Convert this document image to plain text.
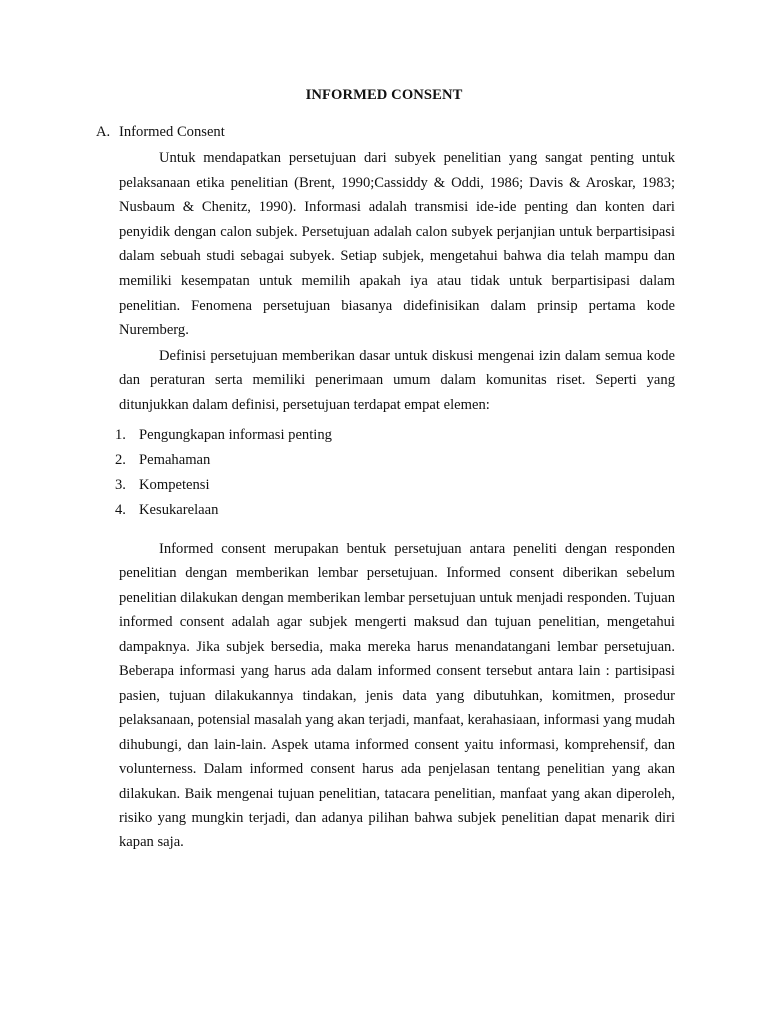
INFORMED CONSENT
A. Informed Consent

Untuk mendapatkan persetujuan dari subyek penelitian yang sangat penting untuk pelaksanaan etika penelitian (Brent, 1990;Cassiddy & Oddi, 1986; Davis & Aroskar, 1983; Nusbaum & Chenitz, 1990). Informasi adalah transmisi ide-ide penting dan konten dari penyidik dengan calon subjek. Persetujuan adalah calon subyek perjanjian untuk berpartisipasi dalam sebuah studi sebagai subyek. Setiap subjek, mengetahui bahwa dia telah mampu dan memiliki kesempatan untuk memilih apakah iya atau tidak untuk berpartisipasi dalam penelitian. Fenomena persetujuan biasanya didefinisikan dalam prinsip pertama kode Nuremberg.

Definisi persetujuan memberikan dasar untuk diskusi mengenai izin dalam semua kode dan peraturan serta memiliki penerimaan umum dalam komunitas riset. Seperti yang ditunjukkan dalam definisi, persetujuan terdapat empat elemen:

1. Pengungkapan informasi penting
2. Pemahaman
3. Kompetensi
4. Kesukarelaan

Informed consent merupakan bentuk persetujuan antara peneliti dengan responden penelitian dengan memberikan lembar persetujuan. Informed consent diberikan sebelum penelitian dilakukan dengan memberikan lembar persetujuan untuk menjadi responden. Tujuan informed consent adalah agar subjek mengerti maksud dan tujuan penelitian, mengetahui dampaknya. Jika subjek bersedia, maka mereka harus menandatangani lembar persetujuan. Beberapa informasi yang harus ada dalam informed consent tersebut antara lain : partisipasi pasien, tujuan dilakukannya tindakan, jenis data yang dibutuhkan, komitmen, prosedur pelaksanaan, potensial masalah yang akan terjadi, manfaat, kerahasiaan, informasi yang mudah dihubungi, dan lain-lain. Aspek utama informed consent yaitu informasi, komprehensif, dan volunterness. Dalam informed consent harus ada penjelasan tentang penelitian yang akan dilakukan. Baik mengenai tujuan penelitian, tatacara penelitian, manfaat yang akan diperoleh, risiko yang mungkin terjadi, dan adanya pilihan bahwa subjek penelitian dapat menarik diri kapan saja.
